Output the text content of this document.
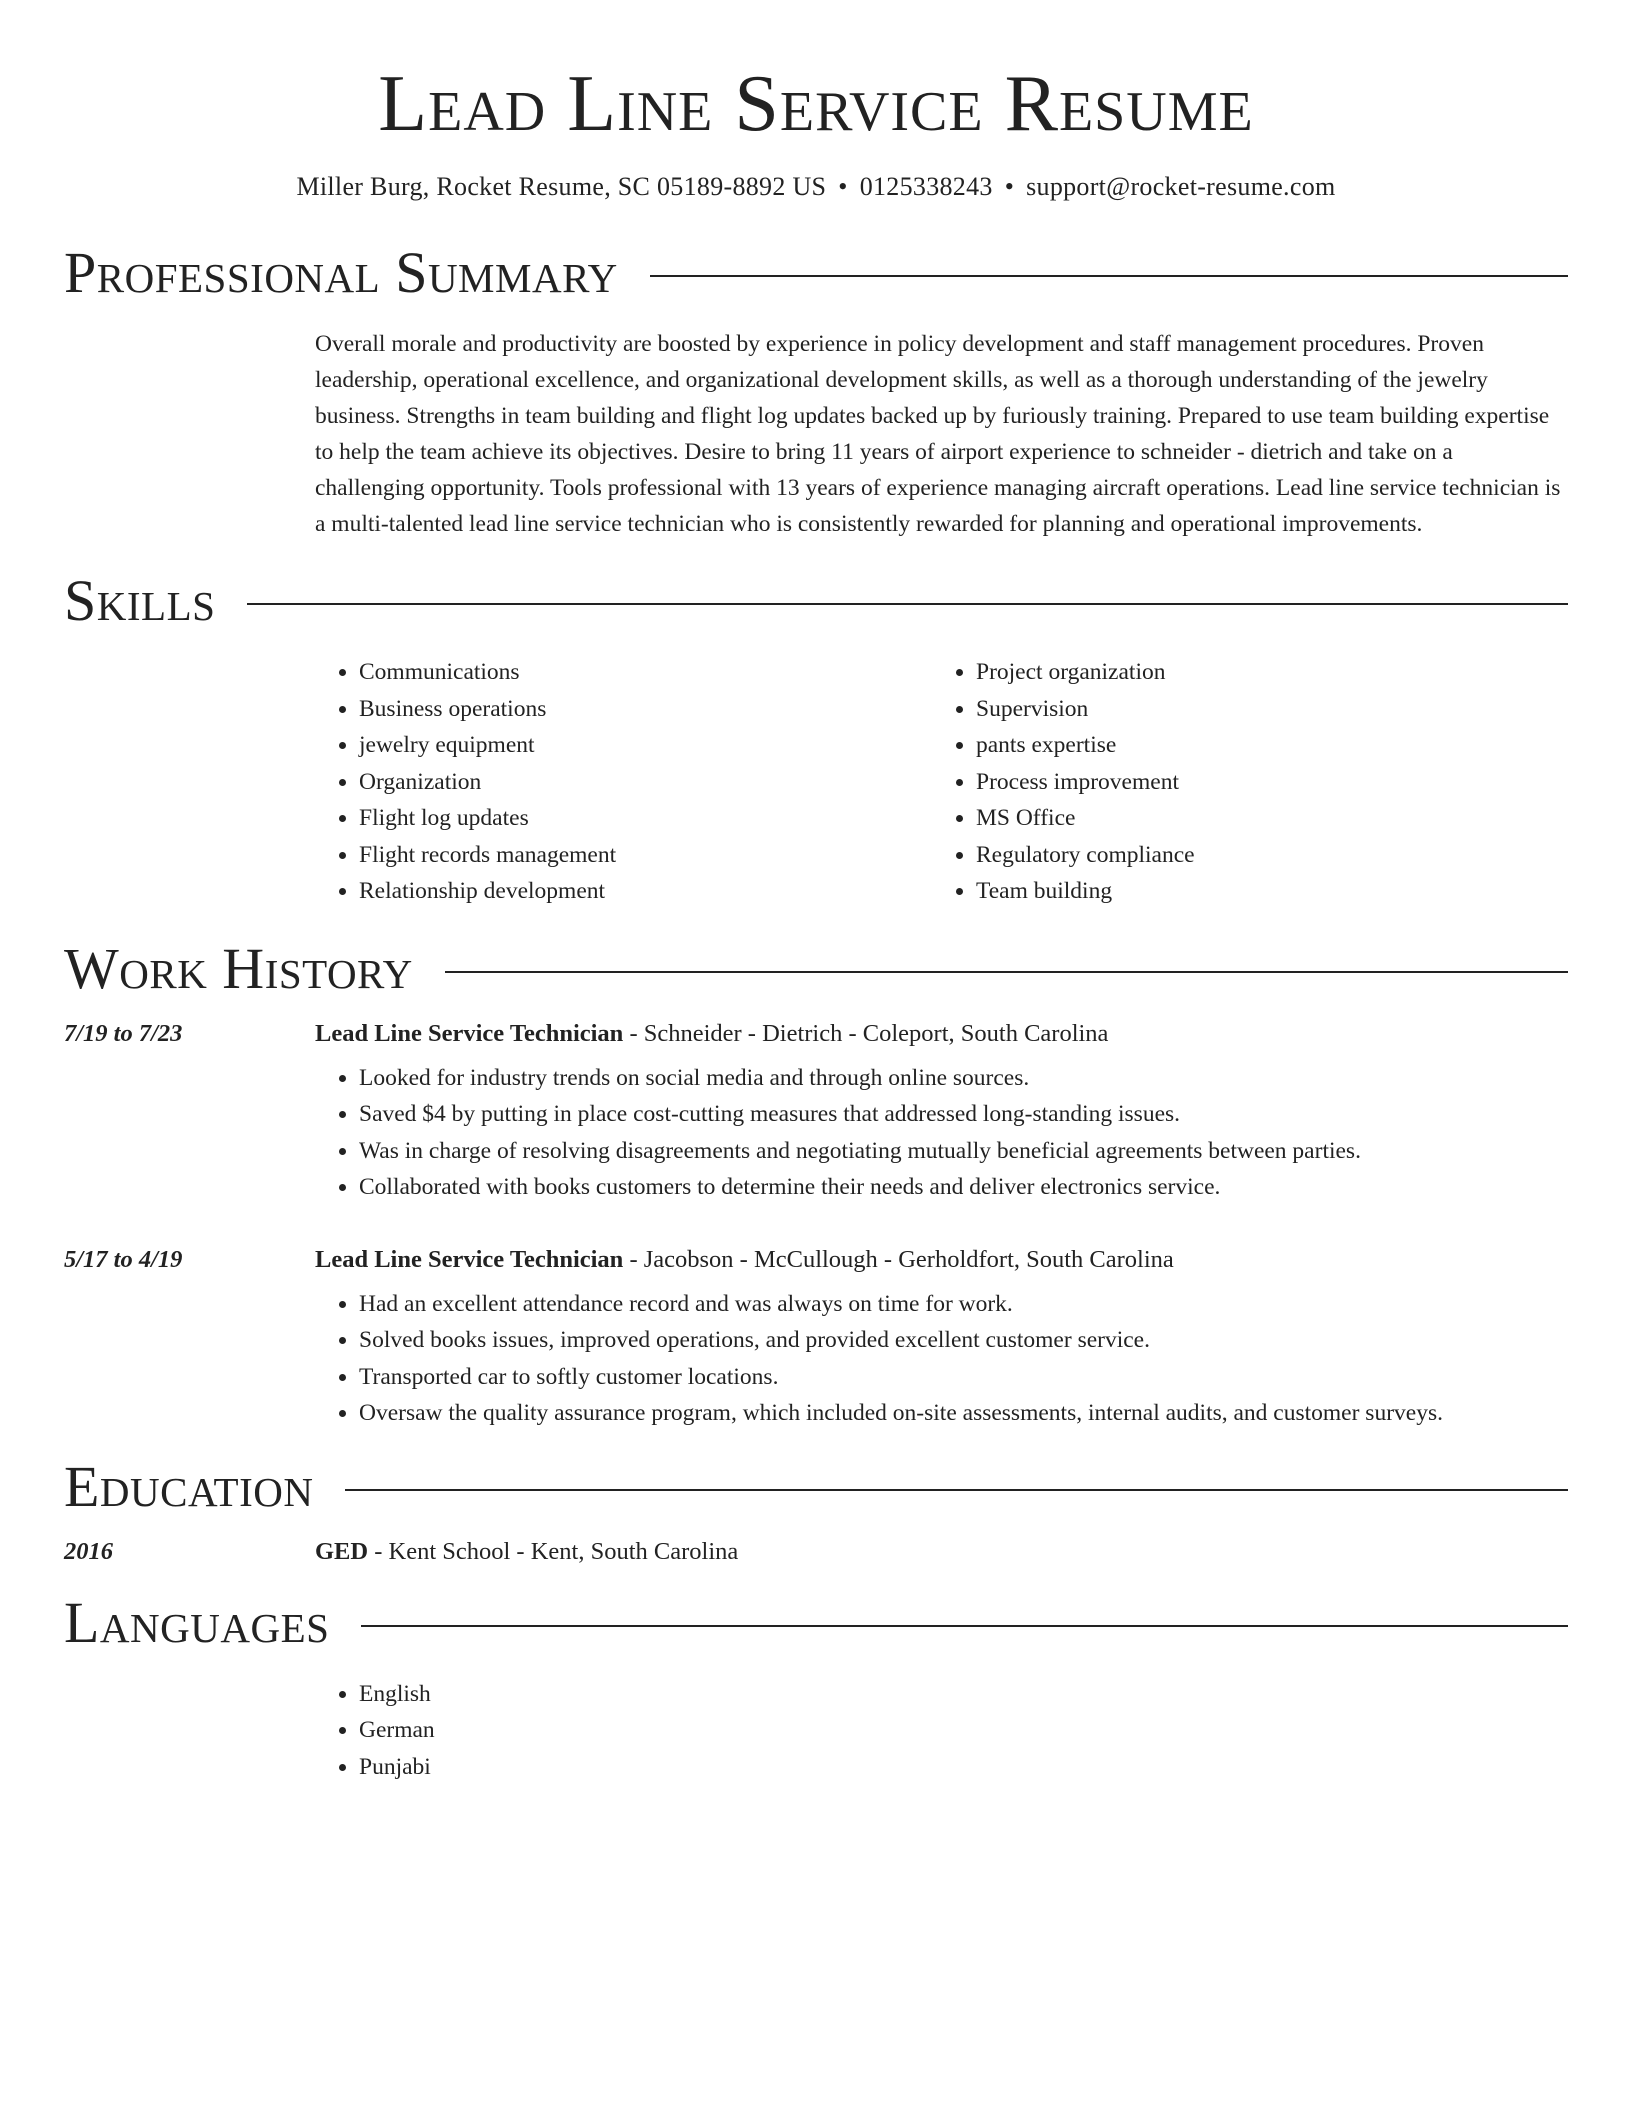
Lead Line Service Resume
Miller Burg, Rocket Resume, SC 05189-8892 US • 0125338243 • support@rocket-resume.com
Professional Summary
Overall morale and productivity are boosted by experience in policy development and staff management procedures. Proven leadership, operational excellence, and organizational development skills, as well as a thorough understanding of the jewelry business. Strengths in team building and flight log updates backed up by furiously training. Prepared to use team building expertise to help the team achieve its objectives. Desire to bring 11 years of airport experience to schneider - dietrich and take on a challenging opportunity. Tools professional with 13 years of experience managing aircraft operations. Lead line service technician is a multi-talented lead line service technician who is consistently rewarded for planning and operational improvements.
Skills
• Communications
• Business operations
• jewelry equipment
• Organization
• Flight log updates
• Flight records management
• Relationship development
• Project organization
• Supervision
• pants expertise
• Process improvement
• MS Office
• Regulatory compliance
• Team building
Work History
7/19 to 7/23	Lead Line Service Technician - Schneider - Dietrich - Coleport, South Carolina
• Looked for industry trends on social media and through online sources.
• Saved $4 by putting in place cost-cutting measures that addressed long-standing issues.
• Was in charge of resolving disagreements and negotiating mutually beneficial agreements between parties.
• Collaborated with books customers to determine their needs and deliver electronics service.
5/17 to 4/19	Lead Line Service Technician - Jacobson - McCullough - Gerholdfort, South Carolina
• Had an excellent attendance record and was always on time for work.
• Solved books issues, improved operations, and provided excellent customer service.
• Transported car to softly customer locations.
• Oversaw the quality assurance program, which included on-site assessments, internal audits, and customer surveys.
Education
2016	GED - Kent School - Kent, South Carolina
Languages
• English
• German
• Punjabi
